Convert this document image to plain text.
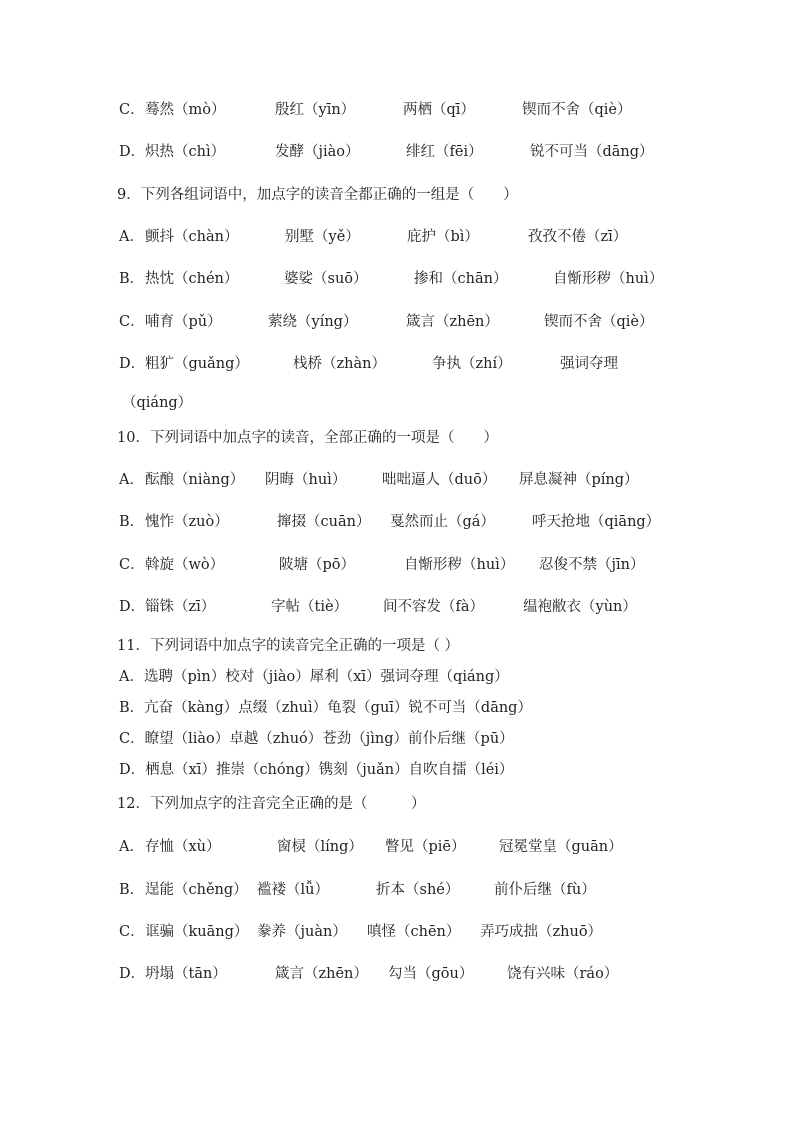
C． 蓦然（mò）	殷红（yīn）	两栖（qī）	锲而不舍（qiè）
D． 炽热（chì）	发酵（jiào）	绯红（fēi）	锐不可当（dāng）
9．下列各组词语中，加点字的读音全都正确的一组是（　　）
A． 颤抖（chàn）	别墅（yě）	庇护（bì）	孜孜不倦（zī）
B． 热忱（chén）	婆娑（suō）	掺和（chān）	自惭形秽（huì）
C． 哺育（pǔ）	萦绕（yíng）	箴言（zhēn）	锲而不舍（qiè）
D． 粗犷（guǎng）	栈桥（zhàn）	争执（zhí）	强词夺理
（qiáng）
10．下列词语中加点字的读音，全部正确的一项是（　　）
A． 酝酿（niàng） 阴晦（huì） 咄咄逼人（duō） 屏息凝神（píng）
B． 愧怍（zuò）	撺掇（cuān） 戛然而止（gá）	呼天抢地（qiāng）
C． 斡旋（wò）	陂塘（pō）	自惭形秽（huì） 忍俊不禁（jīn）
D． 锱铢（zī）	字帖（tiè） 间不容发（fà）	缊袍敝衣（yùn）
11．下列词语中加点字的读音完全正确的一项是（ ）
A．选聘（pìn）校对（jiào）犀利（xī）强词夺理（qiáng）
B．亢奋（kàng）点缀（zhuì）龟裂（guī）锐不可当（dāng）
C．瞭望（liào）卓越（zhuó）苍劲（jìng）前仆后继（pū）
D．栖息（xī）推崇（chóng）镌刻（juǎn）自吹自擂（léi）
12．下列加点字的注音完全正确的是（　　　）
A． 存恤（xù）	窗棂（líng） 瞥见（piē） 冠冕堂皇（guān）
B． 逞能（chěng） 褴褛（lǚ）	折本（shé） 前仆后继（fù）
C． 诓骗（kuāng） 豢养（juàn） 嗔怪（chēn） 弄巧成拙（zhuō）
D． 坍塌（tān）	箴言（zhēn） 勾当（gōu） 饶有兴味（ráo）
